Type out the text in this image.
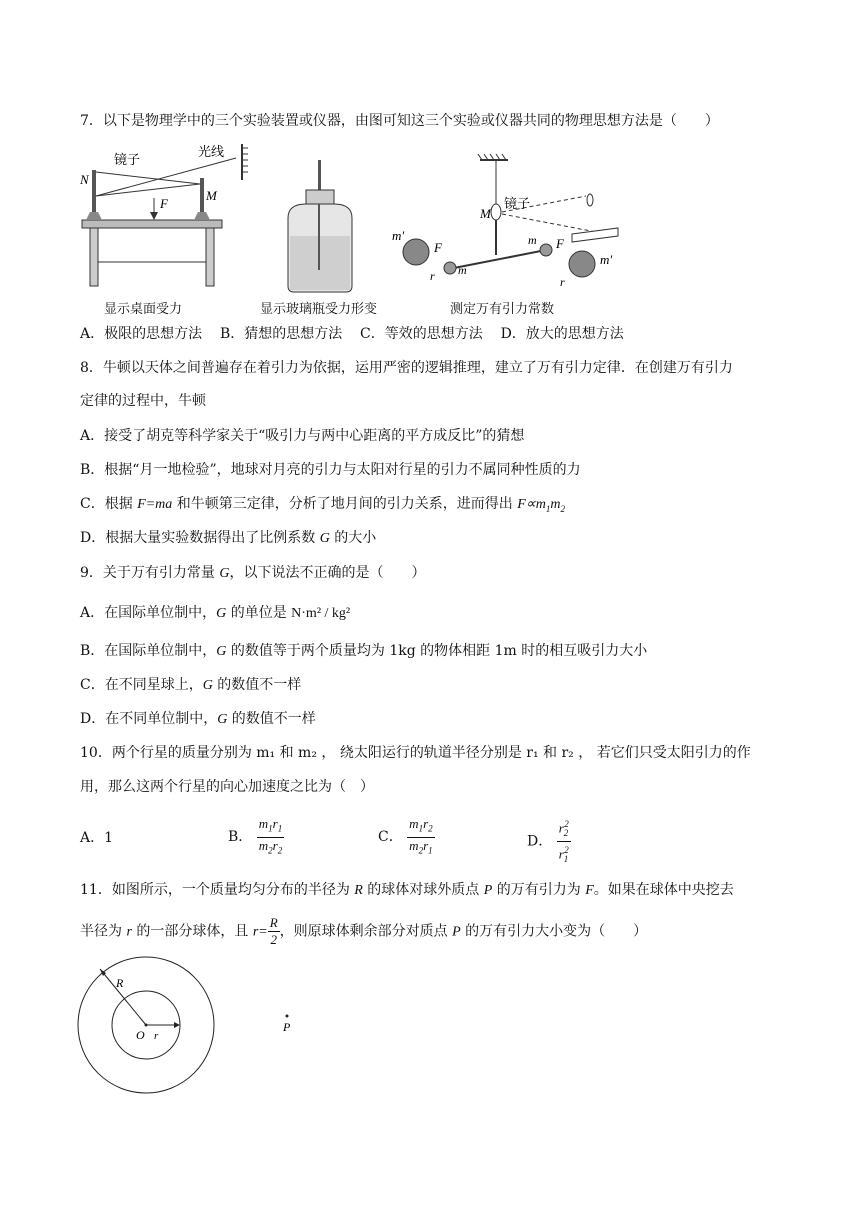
7．以下是物理学中的三个实验装置或仪器，由图可知这三个实验或仪器共同的物理思想方法是（　　）
镜子
光线
N
M
F	镜子
M
m′
F
m
m F
m′
r	r
显示桌面受力	显示玻璃瓶受力形变	测定万有引力常数
A．极限的思想方法 B．猜想的思想方法 C．等效的思想方法 D．放大的思想方法
8．牛顿以天体之间普遍存在着引力为依据，运用严密的逻辑推理，建立了万有引力定律．在创建万有引力
定律的过程中，牛顿
A．接受了胡克等科学家关于“吸引力与两中心距离的平方成反比”的猜想
B．根据“月一地检验”，地球对月亮的引力与太阳对行星的引力不属同种性质的力
C．根据 F=ma 和牛顿第三定律，分析了地月间的引力关系，进而得出 $F\propto m_1m_2$
D．根据大量实验数据得出了比例系数 G 的大小
9．关于万有引力常量 G，以下说法不正确的是（　　）
A．在国际单位制中，G 的单位是 N·m² / kg²
B．在国际单位制中，G 的数值等于两个质量均为 1kg 的物体相距 1m 时的相互吸引力大小
C．在不同星球上，G 的数值不一样
D．在不同单位制中，G 的数值不一样
10．两个行星的质量分别为 m₁ 和 m₂ ， 绕太阳运行的轨道半径分别是 r₁ 和 r₂ ， 若它们只受太阳引力的作
用，那么这两个行星的向心加速度之比为（　）
A．1	B． $\frac{m_1r_1}{m_2r_2}$	C． $\frac{m_1r_2}{m_2r_1}$	D． $\frac{r_2^2}{r_1^2}$
11．如图所示，一个质量均匀分布的半径为 R 的球体对球外质点 P 的万有引力为 F。如果在球体中央挖去
半径为 r 的一部分球体，且 $r= \frac{R}{2}$ ，则原球体剩余部分对质点 P 的万有引力大小变为（　　）
R
O r
P
